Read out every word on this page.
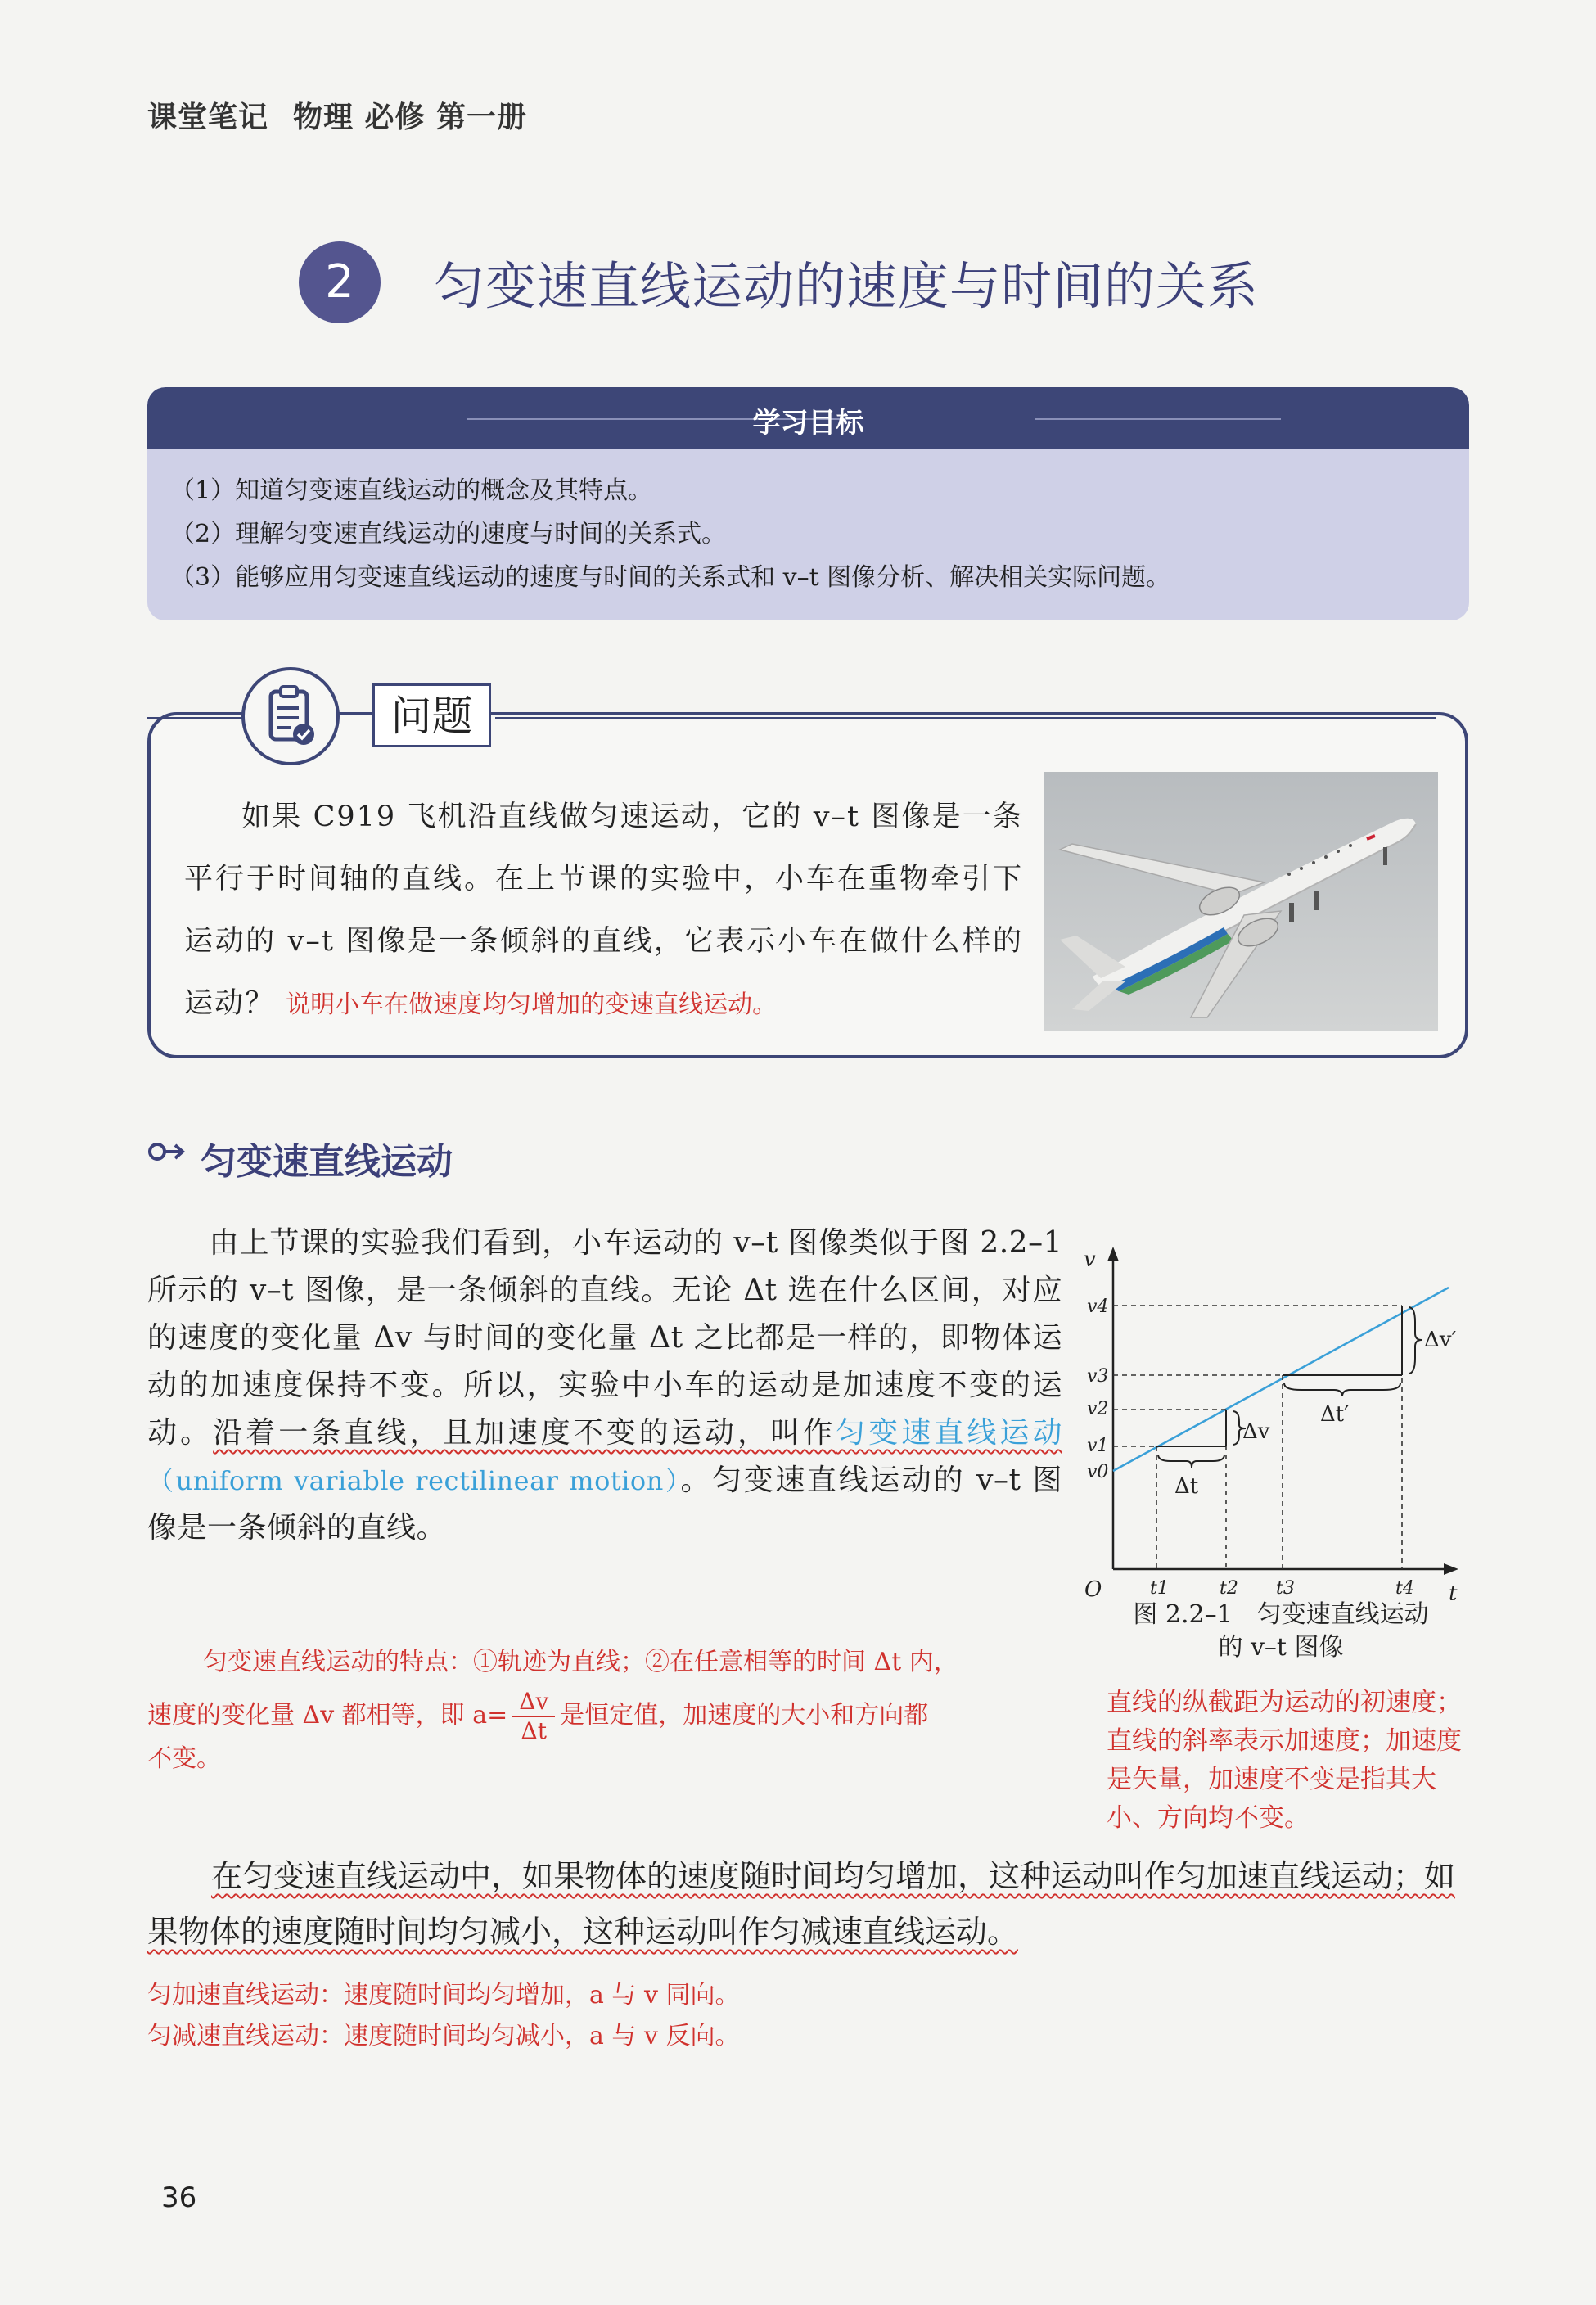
课堂笔记 物理 必修 第一册
2	匀变速直线运动的速度与时间的关系
学习目标
（1）知道匀变速直线运动的概念及其特点。
（2）理解匀变速直线运动的速度与时间的关系式。
（3）能够应用匀变速直线运动的速度与时间的关系式和 v–t 图像分析、解决相关实际问题。
问题
如果 C919 飞机沿直线做匀速运动，它的 v–t 图像是一条平行于时间轴的直线。在上节课的实验中，小车在重物牵引下运动的 v–t 图像是一条倾斜的直线，它表示小车在做什么样的运动？ 说明小车在做速度均匀增加的变速直线运动。
匀变速直线运动
由上节课的实验我们看到，小车运动的 v–t 图像类似于图 2.2–1 所示的 v–t 图像，是一条倾斜的直线。无论 Δt 选在什么区间，对应的速度的变化量 Δv 与时间的变化量 Δt 之比都是一样的，即物体运动的加速度保持不变。所以，实验中小车的运动是加速度不变的运动。沿着一条直线，且加速度不变的运动，叫作匀变速直线运动（uniform variable rectilinear motion）。匀变速直线运动的 v–t 图像是一条倾斜的直线。
匀变速直线运动的特点：①轨迹为直线；②在任意相等的时间 Δt 内，
速度的变化量 Δv 都相等，即 $a= \frac{\Delta v}{\Delta t}$ 是恒定值，加速度的大小和方向都
不变。
v
t
O
Δt
Δv
Δt′
Δv′
v4
v3
v2
v1
v0
t1	t2 t3	t4
图 2.2–1　匀变速直线运动
的 v–t 图像
直线的纵截距为运动的初速度；直线的斜率表示加速度；加速度是矢量，加速度不变是指其大小、方向均不变。
在匀变速直线运动中，如果物体的速度随时间均匀增加，这种运动叫作匀加速直线运动；如果物体的速度随时间均匀减小，这种运动叫作匀减速直线运动。
匀加速直线运动：速度随时间均匀增加，a 与 v 同向。
匀减速直线运动：速度随时间均匀减小，a 与 v 反向。
36
